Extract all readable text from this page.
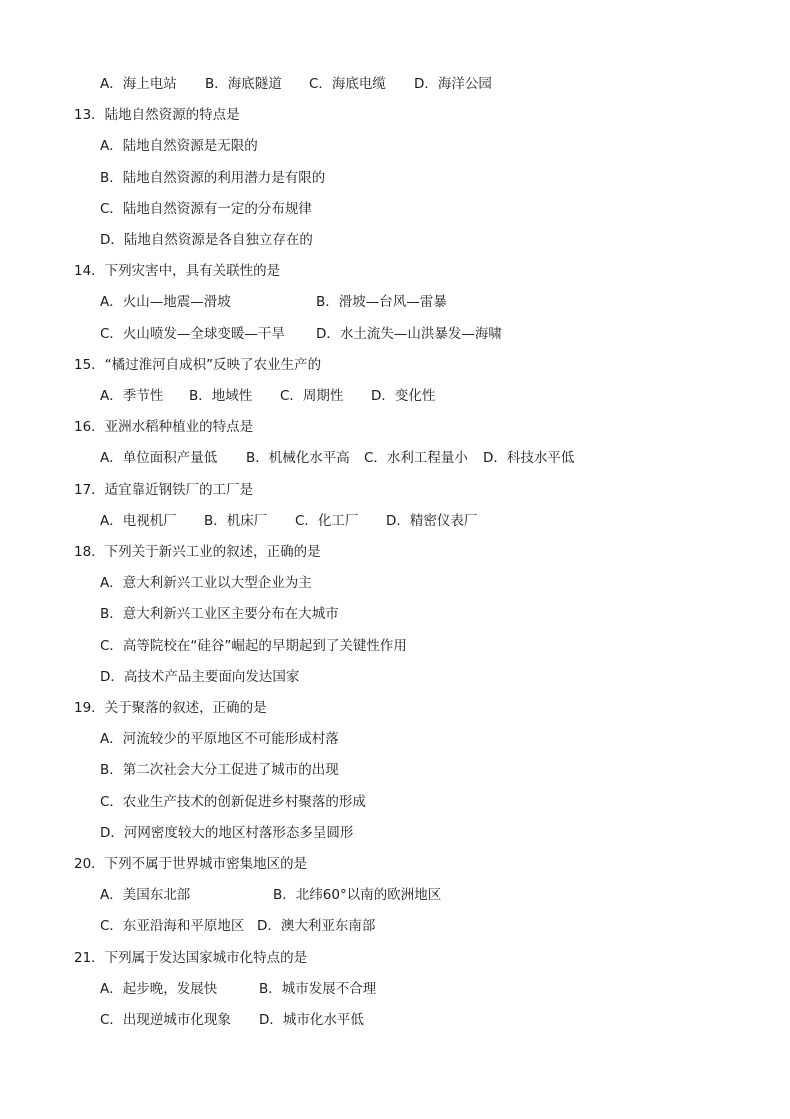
A．海上电站 B．海底隧道 C．海底电缆 D．海洋公园
13．陆地自然资源的特点是
A．陆地自然资源是无限的
B．陆地自然资源的利用潜力是有限的
C．陆地自然资源有一定的分布规律
D．陆地自然资源是各自独立存在的
14．下列灾害中，具有关联性的是
A．火山—地震—滑坡	B．滑坡—台风—雷暴
C．火山喷发—全球变暖—干旱 D．水土流失—山洪暴发—海啸
15．“橘过淮河自成枳”反映了农业生产的
A．季节性 B．地域性 C．周期性 D．变化性
16．亚洲水稻种植业的特点是
A．单位面积产量低 B．机械化水平高 C．水利工程量小 D．科技水平低
17．适宜靠近钢铁厂的工厂是
A．电视机厂 B．机床厂 C．化工厂 D．精密仪表厂
18．下列关于新兴工业的叙述，正确的是
A．意大利新兴工业以大型企业为主
B．意大利新兴工业区主要分布在大城市
C．高等院校在“硅谷”崛起的早期起到了关键性作用
D．高技术产品主要面向发达国家
19．关于聚落的叙述，正确的是
A．河流较少的平原地区不可能形成村落
B．第二次社会大分工促进了城市的出现
C．农业生产技术的创新促进乡村聚落的形成
D．河网密度较大的地区村落形态多呈圆形
20．下列不属于世界城市密集地区的是
A．美国东北部	B．北纬60°以南的欧洲地区
C．东亚沿海和平原地区 D．澳大利亚东南部
21．下列属于发达国家城市化特点的是
A．起步晚，发展快	B．城市发展不合理
C．出现逆城市化现象 D．城市化水平低
